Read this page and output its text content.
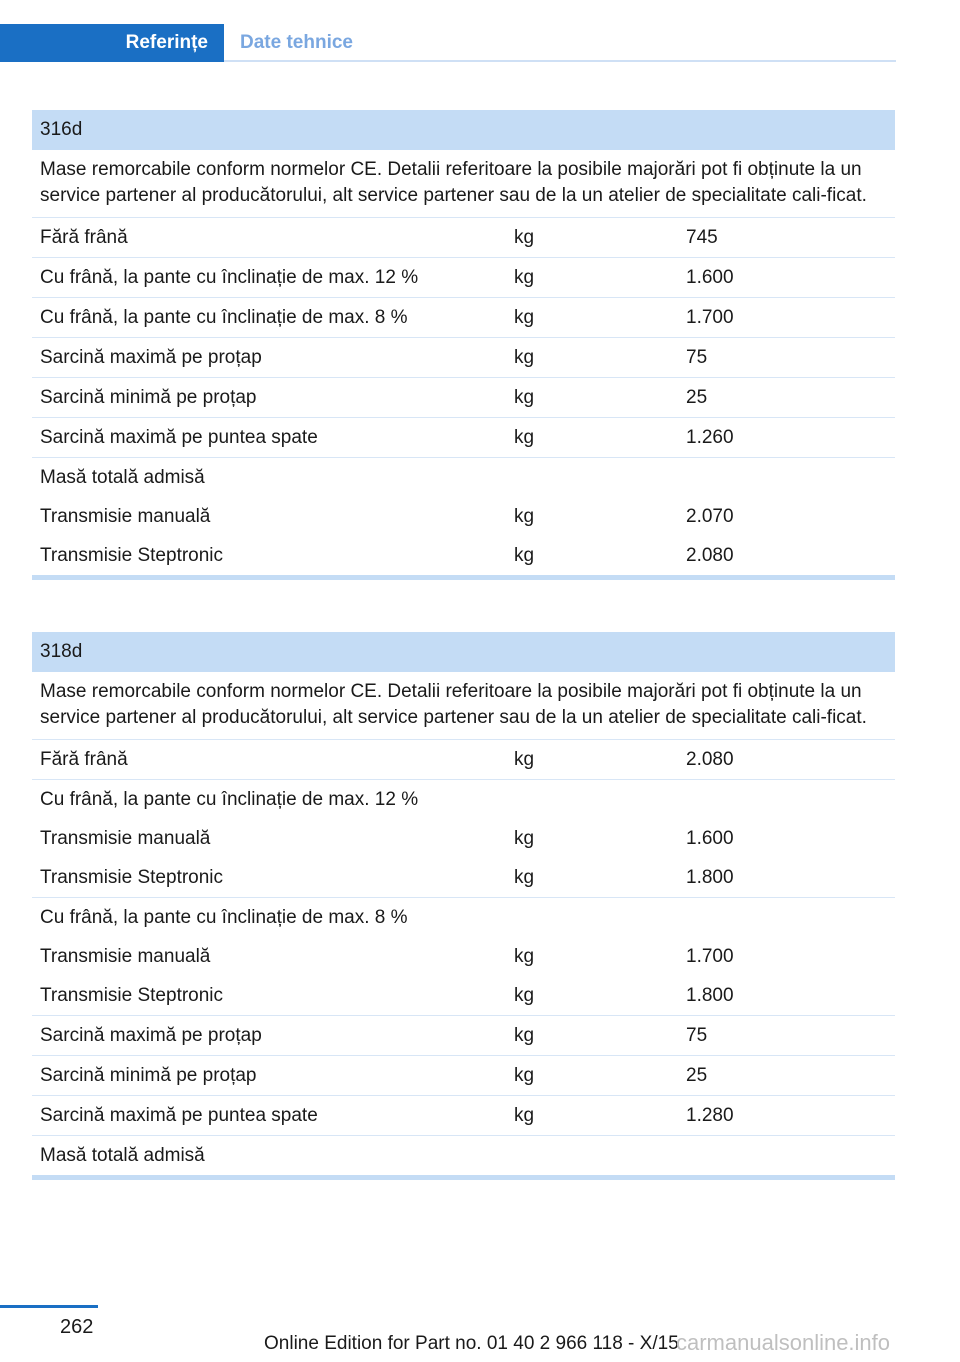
Referințe	Date tehnice
316d
Mase remorcabile conform normelor CE. Detalii referitoare la posibile majorări pot fi obținute la un service partener al producătorului, alt service partener sau de la un atelier de specialitate cali-ficat.
Fără frână	kg	745
Cu frână, la pante cu înclinație de max. 12 %	kg	1.600
Cu frână, la pante cu înclinație de max. 8 %	kg	1.700
Sarcină maximă pe proțap	kg	75
Sarcină minimă pe proțap	kg	25
Sarcină maximă pe puntea spate	kg	1.260
Masă totală admisă
Transmisie manuală	kg	2.070
Transmisie Steptronic	kg	2.080
318d
Mase remorcabile conform normelor CE. Detalii referitoare la posibile majorări pot fi obținute la un service partener al producătorului, alt service partener sau de la un atelier de specialitate cali-ficat.
Fără frână	kg	2.080
Cu frână, la pante cu înclinație de max. 12 %
Transmisie manuală	kg	1.600
Transmisie Steptronic	kg	1.800
Cu frână, la pante cu înclinație de max. 8 %
Transmisie manuală	kg	1.700
Transmisie Steptronic	kg	1.800
Sarcină maximă pe proțap	kg	75
Sarcină minimă pe proțap	kg	25
Sarcină maximă pe puntea spate	kg	1.280
Masă totală admisă
262
Online Edition for Part no. 01 40 2 966 118 - X/15
carmanualsonline.info
